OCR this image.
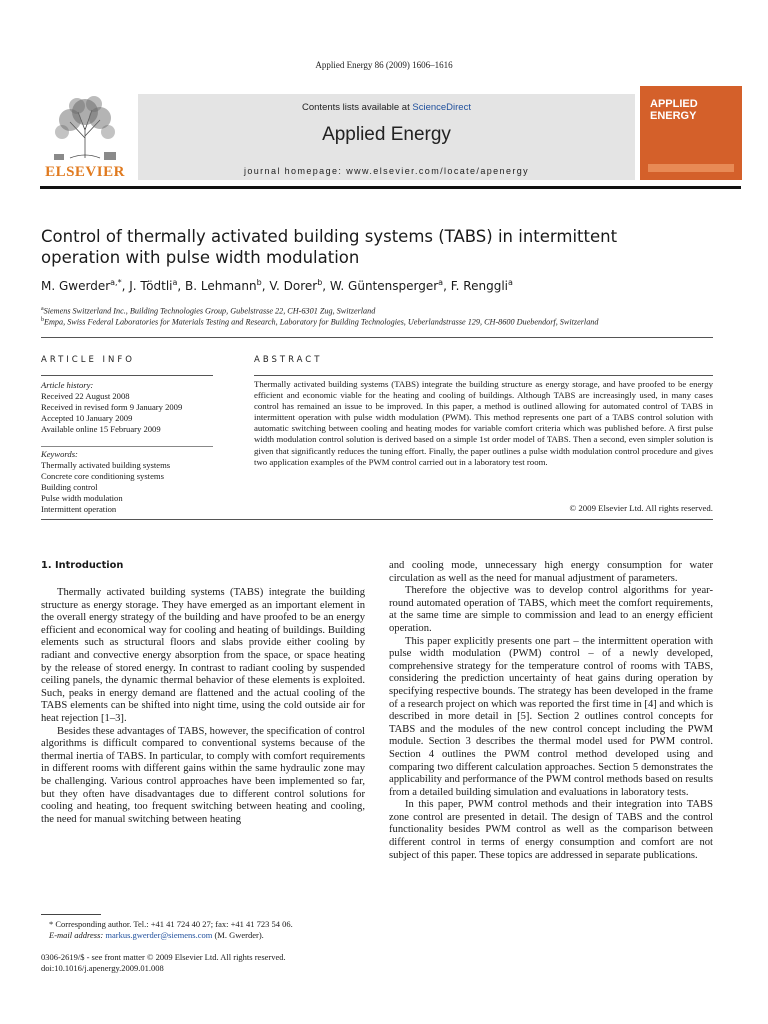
Applied Energy 86 (2009) 1606–1616
ELSEVIER
Contents lists available at ScienceDirect
Applied Energy
journal homepage: www.elsevier.com/locate/apenergy
APPLIED
ENERGY
Control of thermally activated building systems (TABS) in intermittent
operation with pulse width modulation
M. Gwerder$^{a,*}$, J. Tödtli$^a$, B. Lehmann$^b$, V. Dorer$^b$, W. Güntensperger$^a$, F. Renggli$^a$
$^a$Siemens Switzerland Inc., Building Technologies Group, Gubelstrasse 22, CH-6301 Zug, Switzerland
$^b$Empa, Swiss Federal Laboratories for Materials Testing and Research, Laboratory for Building Technologies, Ueberlandstrasse 129, CH-8600 Duebendorf, Switzerland
ARTICLE INFO
Article history:
Received 22 August 2008
Received in revised form 9 January 2009
Accepted 10 January 2009
Available online 15 February 2009
Keywords:
Thermally activated building systems
Concrete core conditioning systems
Building control
Pulse width modulation
Intermittent operation
ABSTRACT
Thermally activated building systems (TABS) integrate the building structure as energy storage, and have proofed to be energy efficient and economic viable for the heating and cooling of buildings. Although TABS are increasingly used, in many cases control has remained an issue to be improved. In this paper, a method is outlined allowing for automated control of TABS in intermittent operation with pulse width modulation (PWM). This method represents one part of a TABS control solution with automatic switching between cooling and heating modes for variable comfort criteria which was published before. A first pulse width modulation control solution is derived based on a simple 1st order model of TABS. Then a second, even simpler solution is given that significantly reduces the tuning effort. Finally, the paper outlines a pulse width modulation control procedure and gives two application examples of the PWM control carried out in a laboratory test room.
© 2009 Elsevier Ltd. All rights reserved.
1. Introduction

Thermally activated building systems (TABS) integrate the building structure as energy storage. They have emerged as an important element in the overall energy strategy of the building and have proofed to be an energy efficient and economical way for cooling and heating of buildings. Building elements such as structural floors and slabs provide either cooling by radiant and convective energy absorption from the space, or space heating by the release of stored energy. In contrast to radiant cooling by suspended ceiling panels, the dynamic thermal behavior of these elements is exploited. Such, peaks in energy demand are flattened and the actual cooling of the TABS elements can be shifted into night time, using the cold outside air for heat rejection [1–3].

Besides these advantages of TABS, however, the specification of control algorithms is difficult compared to conventional systems because of the thermal inertia of TABS. In particular, to comply with comfort requirements in different rooms with different gains within the same hydraulic zone may be challenging. Various control approaches have been implemented so far, but they often have disadvantages due to different control solutions for cooling and heating, too frequent switching between heating and cooling, the need for manual switching between heating

and cooling mode, unnecessary high energy consumption for water circulation as well as the need for manual adjustment of parameters.

Therefore the objective was to develop control algorithms for year-round automated operation of TABS, which meet the comfort requirements, at the same time are simple to commission and lead to an energy efficient operation.

This paper explicitly presents one part – the intermittent operation with pulse width modulation (PWM) control – of a newly developed, comprehensive strategy for the temperature control of rooms with TABS, considering the prediction uncertainty of heat gains during operation by specifying respective bounds. The strategy has been developed in the frame of a research project on which was reported the first time in [4] and which is described in more detail in [5]. Section 2 outlines control concepts for TABS and the modules of the new control concept including the PWM module. Section 3 describes the thermal model used for PWM control. Section 4 outlines the PWM control method developed using and comparing two different calculation approaches. Section 5 demonstrates the applicability and performance of the PWM control methods based on results from a detailed building simulation and evaluations in laboratory tests.

In this paper, PWM control methods and their integration into TABS zone control are presented in detail. The design of TABS and the control functionality besides PWM control as well as the comparison between different control in terms of energy consumption and comfort are not subject of this paper. These topics are addressed in separate publications.

* Corresponding author. Tel.: +41 41 724 40 27; fax: +41 41 723 54 06.
E-mail address: markus.gwerder@siemens.com (M. Gwerder).
0306-2619/$ - see front matter © 2009 Elsevier Ltd. All rights reserved.
doi:10.1016/j.apenergy.2009.01.008
